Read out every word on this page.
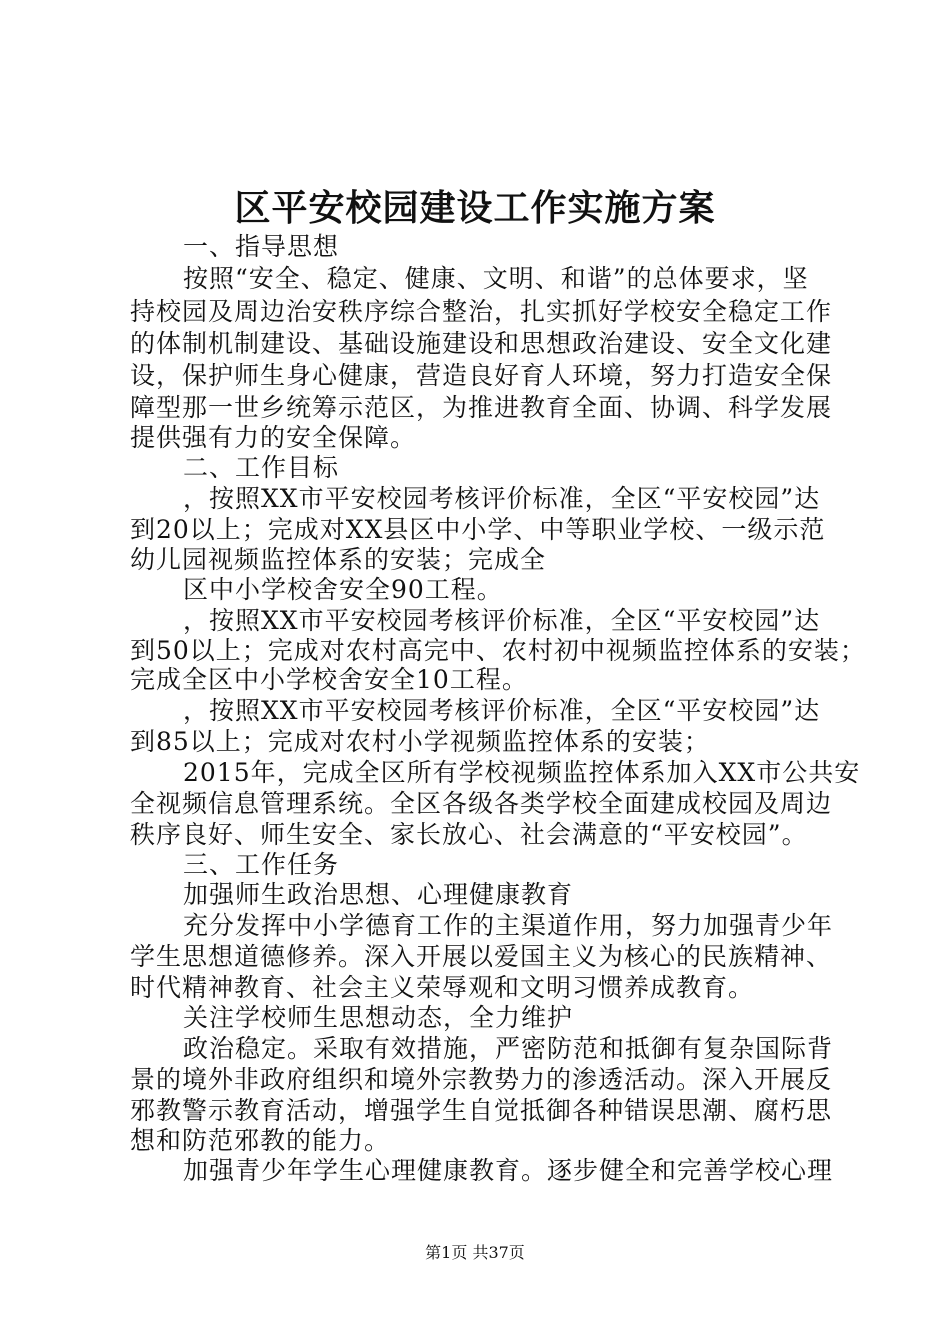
区平安校园建设工作实施方案
一、指导思想
按照“安全、稳定、健康、文明、和谐”的总体要求，坚
持校园及周边治安秩序综合整治，扎实抓好学校安全稳定工作
的体制机制建设、基础设施建设和思想政治建设、安全文化建
设，保护师生身心健康，营造良好育人环境，努力打造安全保
障型那一世乡统筹示范区，为推进教育全面、协调、科学发展
提供强有力的安全保障。
二、工作目标
，按照XX市平安校园考核评价标准，全区“平安校园”达
到20以上；完成对XX县区中小学、中等职业学校、一级示范
幼儿园视频监控体系的安装；完成全
区中小学校舍安全90工程。
，按照XX市平安校园考核评价标准，全区“平安校园”达
到50以上；完成对农村高完中、农村初中视频监控体系的安装；
完成全区中小学校舍安全10工程。
，按照XX市平安校园考核评价标准，全区“平安校园”达
到85以上；完成对农村小学视频监控体系的安装；
2015年，完成全区所有学校视频监控体系加入XX市公共安
全视频信息管理系统。全区各级各类学校全面建成校园及周边
秩序良好、师生安全、家长放心、社会满意的“平安校园”。
三、工作任务
加强师生政治思想、心理健康教育
充分发挥中小学德育工作的主渠道作用，努力加强青少年
学生思想道德修养。深入开展以爱国主义为核心的民族精神、
时代精神教育、社会主义荣辱观和文明习惯养成教育。
关注学校师生思想动态，全力维护
政治稳定。采取有效措施，严密防范和抵御有复杂国际背
景的境外非政府组织和境外宗教势力的渗透活动。深入开展反
邪教警示教育活动，增强学生自觉抵御各种错误思潮、腐朽思
想和防范邪教的能力。
加强青少年学生心理健康教育。逐步健全和完善学校心理
第1页 共37页
